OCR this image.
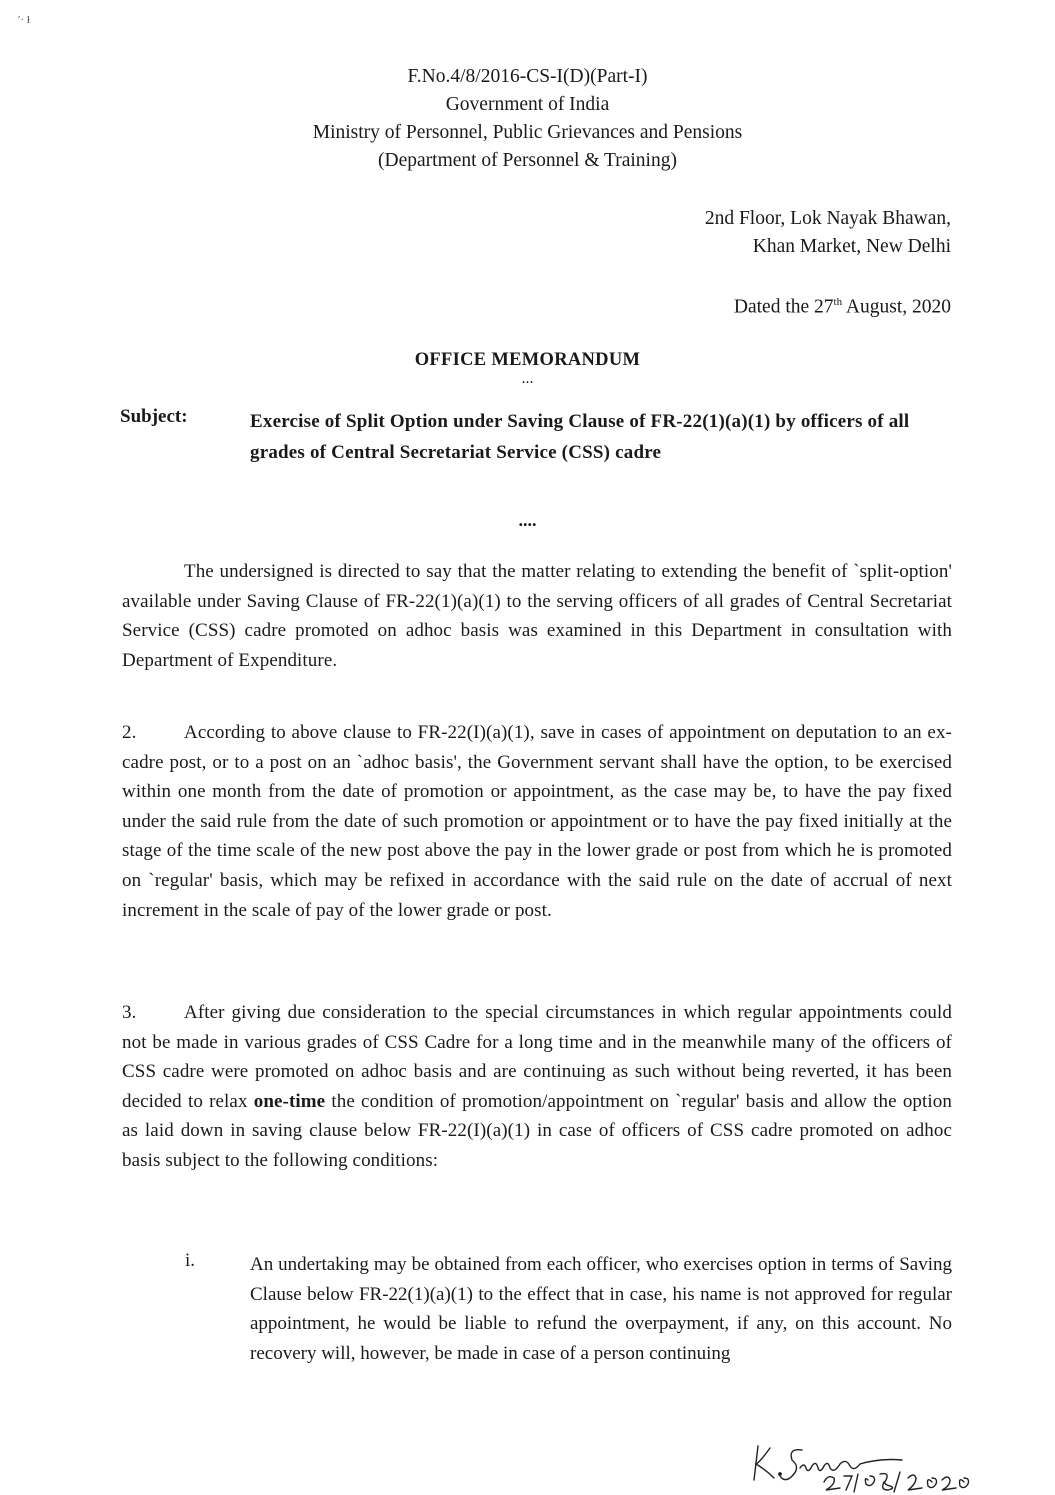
′· ł
F.No.4/8/2016-CS-I(D)(Part-I)
Government of India
Ministry of Personnel, Public Grievances and Pensions
(Department of Personnel & Training)
2nd Floor, Lok Nayak Bhawan,
Khan Market, New Delhi
Dated the 27th August, 2020
OFFICE MEMORANDUM
...
Subject:	Exercise of Split Option under Saving Clause of FR-22(1)(a)(1) by officers of all grades of Central Secretariat Service (CSS) cadre
....
The undersigned is directed to say that the matter relating to extending the benefit of `split-option' available under Saving Clause of FR-22(1)(a)(1) to the serving officers of all grades of Central Secretariat Service (CSS) cadre promoted on adhoc basis was examined in this Department in consultation with Department of Expenditure.
2.	According to above clause to FR-22(I)(a)(1), save in cases of appointment on deputation to an ex-cadre post, or to a post on an `adhoc basis', the Government servant shall have the option, to be exercised within one month from the date of promotion or appointment, as the case may be, to have the pay fixed under the said rule from the date of such promotion or appointment or to have the pay fixed initially at the stage of the time scale of the new post above the pay in the lower grade or post from which he is promoted on `regular' basis, which may be refixed in accordance with the said rule on the date of accrual of next increment in the scale of pay of the lower grade or post.
3.	After giving due consideration to the special circumstances in which regular appointments could not be made in various grades of CSS Cadre for a long time and in the meanwhile many of the officers of CSS cadre were promoted on adhoc basis and are continuing as such without being reverted, it has been decided to relax one-time the condition of promotion/appointment on `regular' basis and allow the option as laid down in saving clause below FR-22(I)(a)(1) in case of officers of CSS cadre promoted on adhoc basis subject to the following conditions:
i.	An undertaking may be obtained from each officer, who exercises option in terms of Saving Clause below FR-22(1)(a)(1) to the effect that in case, his name is not approved for regular appointment, he would be liable to refund the overpayment, if any, on this account. No recovery will, however, be made in case of a person continuing
